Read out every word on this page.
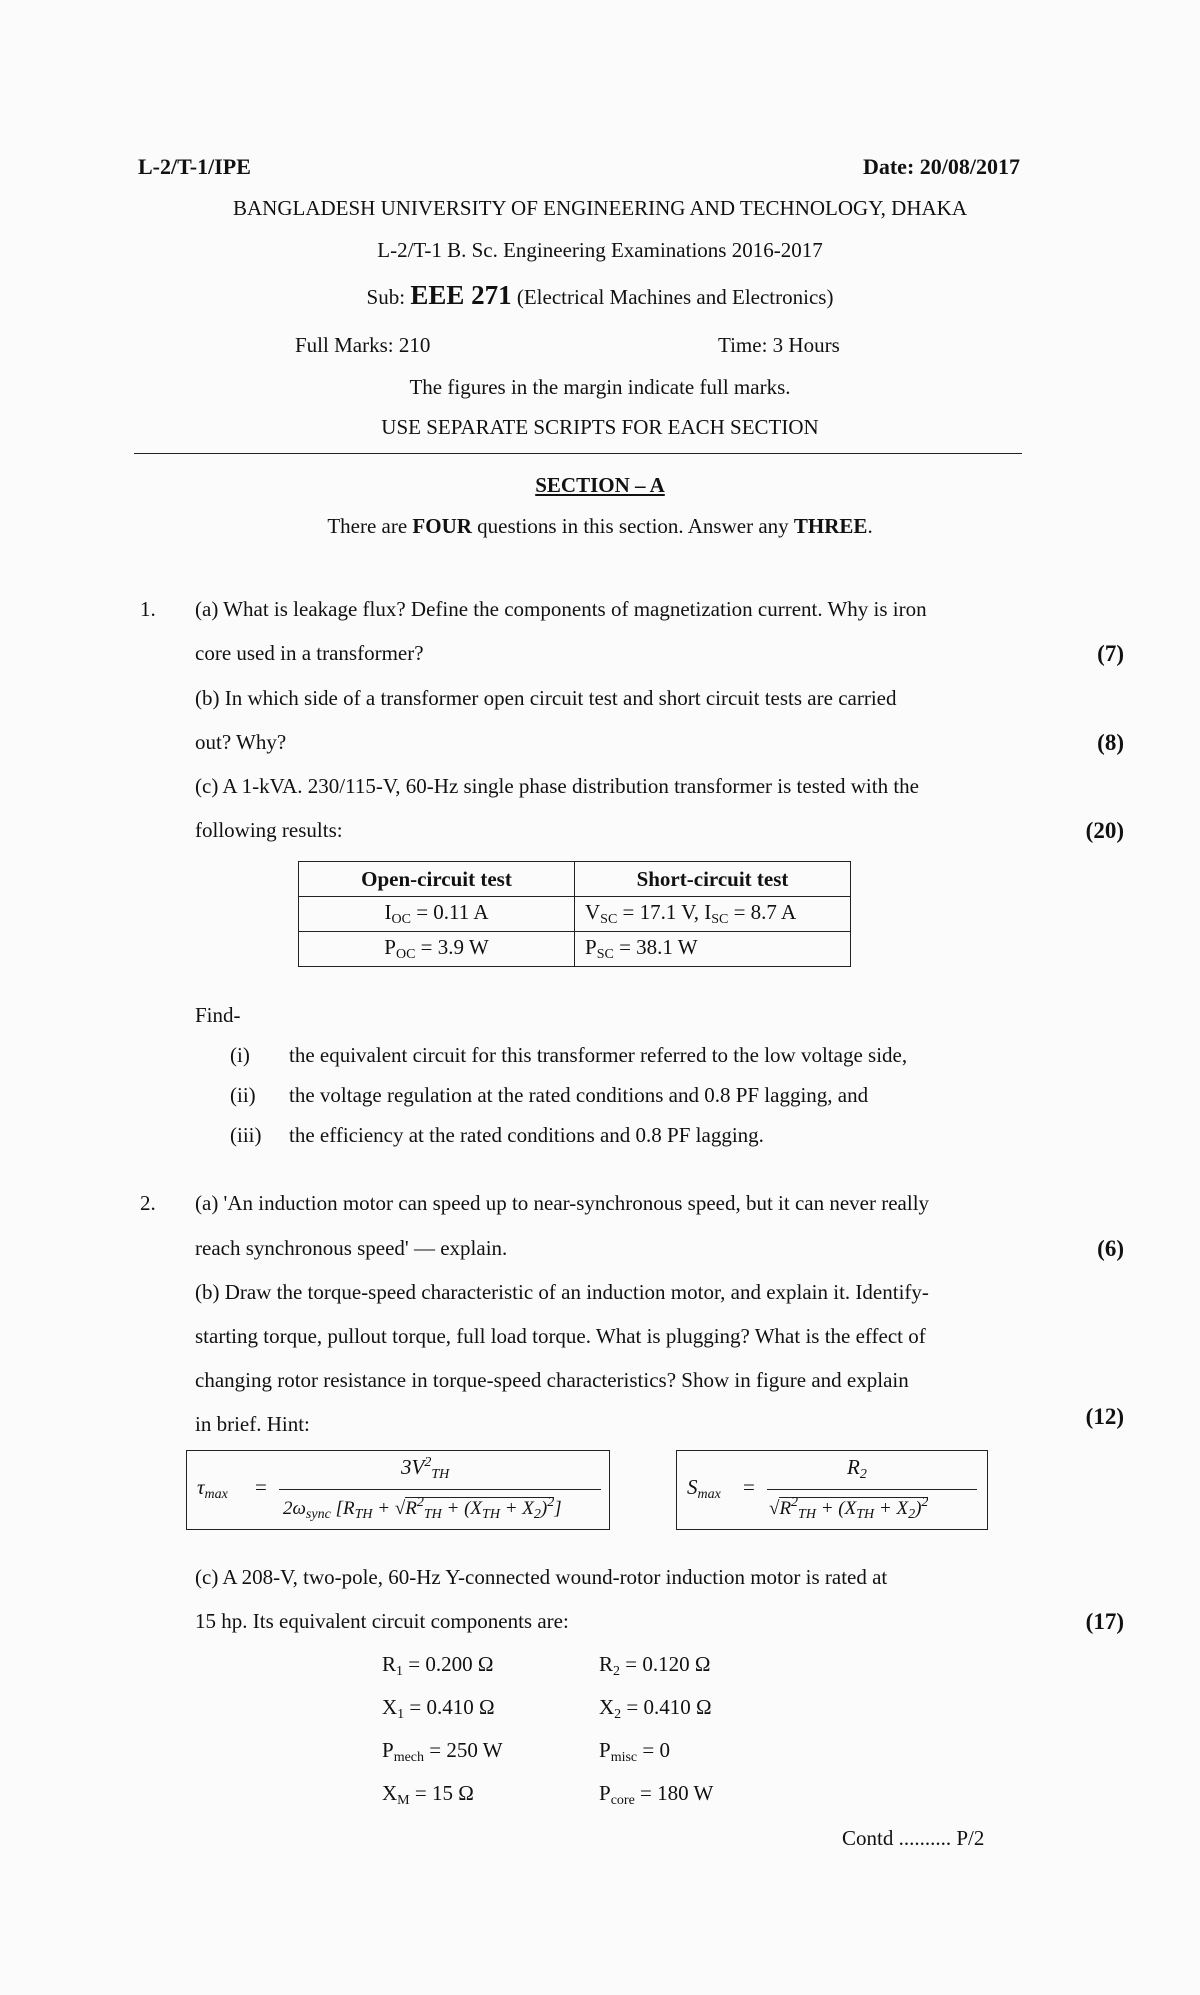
L-2/T-1/IPE	Date: 20/08/2017
BANGLADESH UNIVERSITY OF ENGINEERING AND TECHNOLOGY, DHAKA
L-2/T-1 B. Sc. Engineering Examinations 2016-2017
Sub: EEE 271 (Electrical Machines and Electronics)
Full Marks: 210	Time: 3 Hours
The figures in the margin indicate full marks.
USE SEPARATE SCRIPTS FOR EACH SECTION
SECTION – A
There are FOUR questions in this section. Answer any THREE.
1. (a) What is leakage flux? Define the components of magnetization current. Why is iron
core used in a transformer?	(7)
(b) In which side of a transformer open circuit test and short circuit tests are carried
out? Why?	(8)
(c) A 1-kVA. 230/115-V, 60-Hz single phase distribution transformer is tested with the
following results:	(20)
Open-circuit test	Short-circuit test
$I_{OC} = 0.11$ A	$V_{SC} = 17.1$ V, $I_{SC} = 8.7$ A
$P_{OC} = 3.9$ W	$P_{SC} = 38.1$ W
Find-
(i) the equivalent circuit for this transformer referred to the low voltage side,
(ii) the voltage regulation at the rated conditions and 0.8 PF lagging, and
(iii) the efficiency at the rated conditions and 0.8 PF lagging.
2. (a) 'An induction motor can speed up to near-synchronous speed, but it can never really
reach synchronous speed' — explain.	(6)
(b) Draw the torque-speed characteristic of an induction motor, and explain it. Identify-
starting torque, pullout torque, full load torque. What is plugging? What is the effect of
changing rotor resistance in torque-speed characteristics? Show in figure and explain
in brief. Hint:	(12)
$\tau_{max}$ =
$3V^2_{TH}$
$2\omega_{sync}$ $[R_{TH} + √R^2_{TH} + (X_{TH} + X_2)^2]$
$S_{max}$ =
$R_2$
$√R^2_{TH} + (X_{TH} + X_2)^2$
(c) A 208-V, two-pole, 60-Hz Y-connected wound-rotor induction motor is rated at
15 hp. Its equivalent circuit components are:	(17)
$R_1 = 0.200$ Ω	$R_2 = 0.120$ Ω
$X_1 = 0.410$ Ω	$X_2 = 0.410$ Ω
$P_{mech} = 250$ W	$P_{misc} = 0$
$X_M = 15$ Ω	$P_{core} = 180$ W
Contd .......... P/2
